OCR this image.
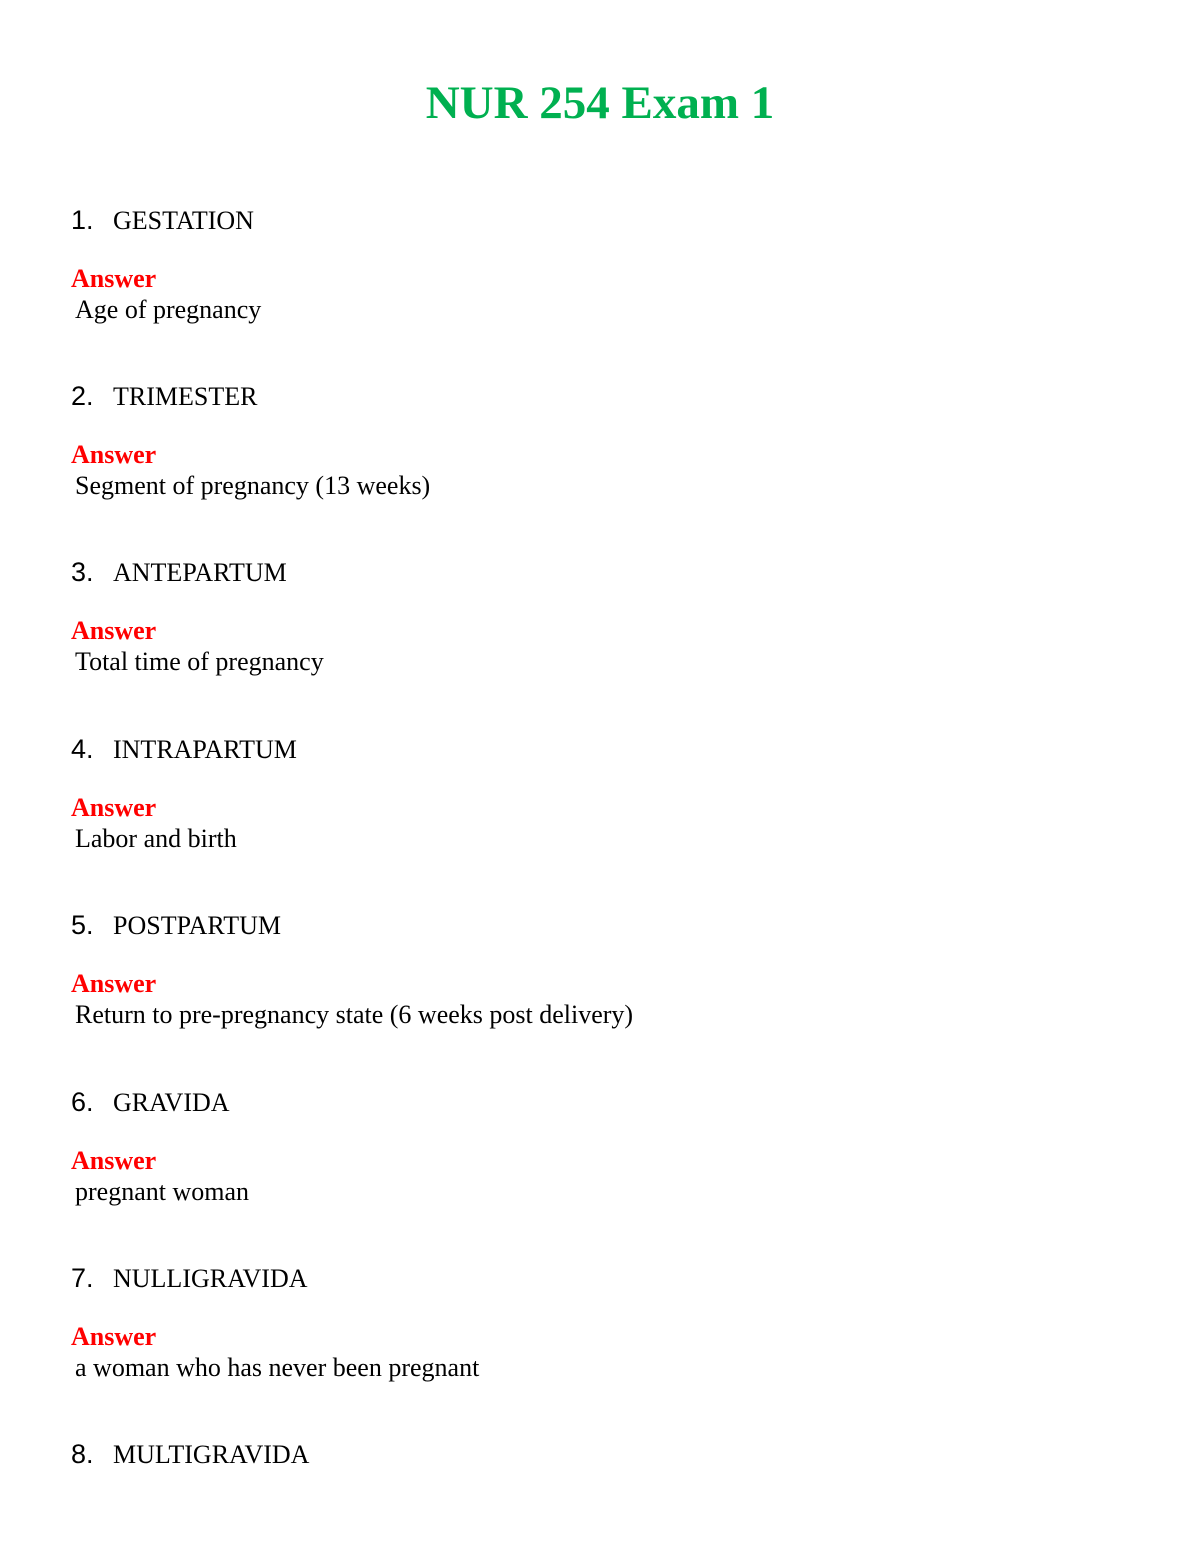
NUR 254 Exam 1
1. GESTATION
Answer
Age of pregnancy
2. TRIMESTER
Answer
Segment of pregnancy (13 weeks)
3. ANTEPARTUM
Answer
Total time of pregnancy
4. INTRAPARTUM
Answer
Labor and birth
5. POSTPARTUM
Answer
Return to pre-pregnancy state (6 weeks post delivery)
6. GRAVIDA
Answer
pregnant woman
7. NULLIGRAVIDA
Answer
a woman who has never been pregnant
8. MULTIGRAVIDA
